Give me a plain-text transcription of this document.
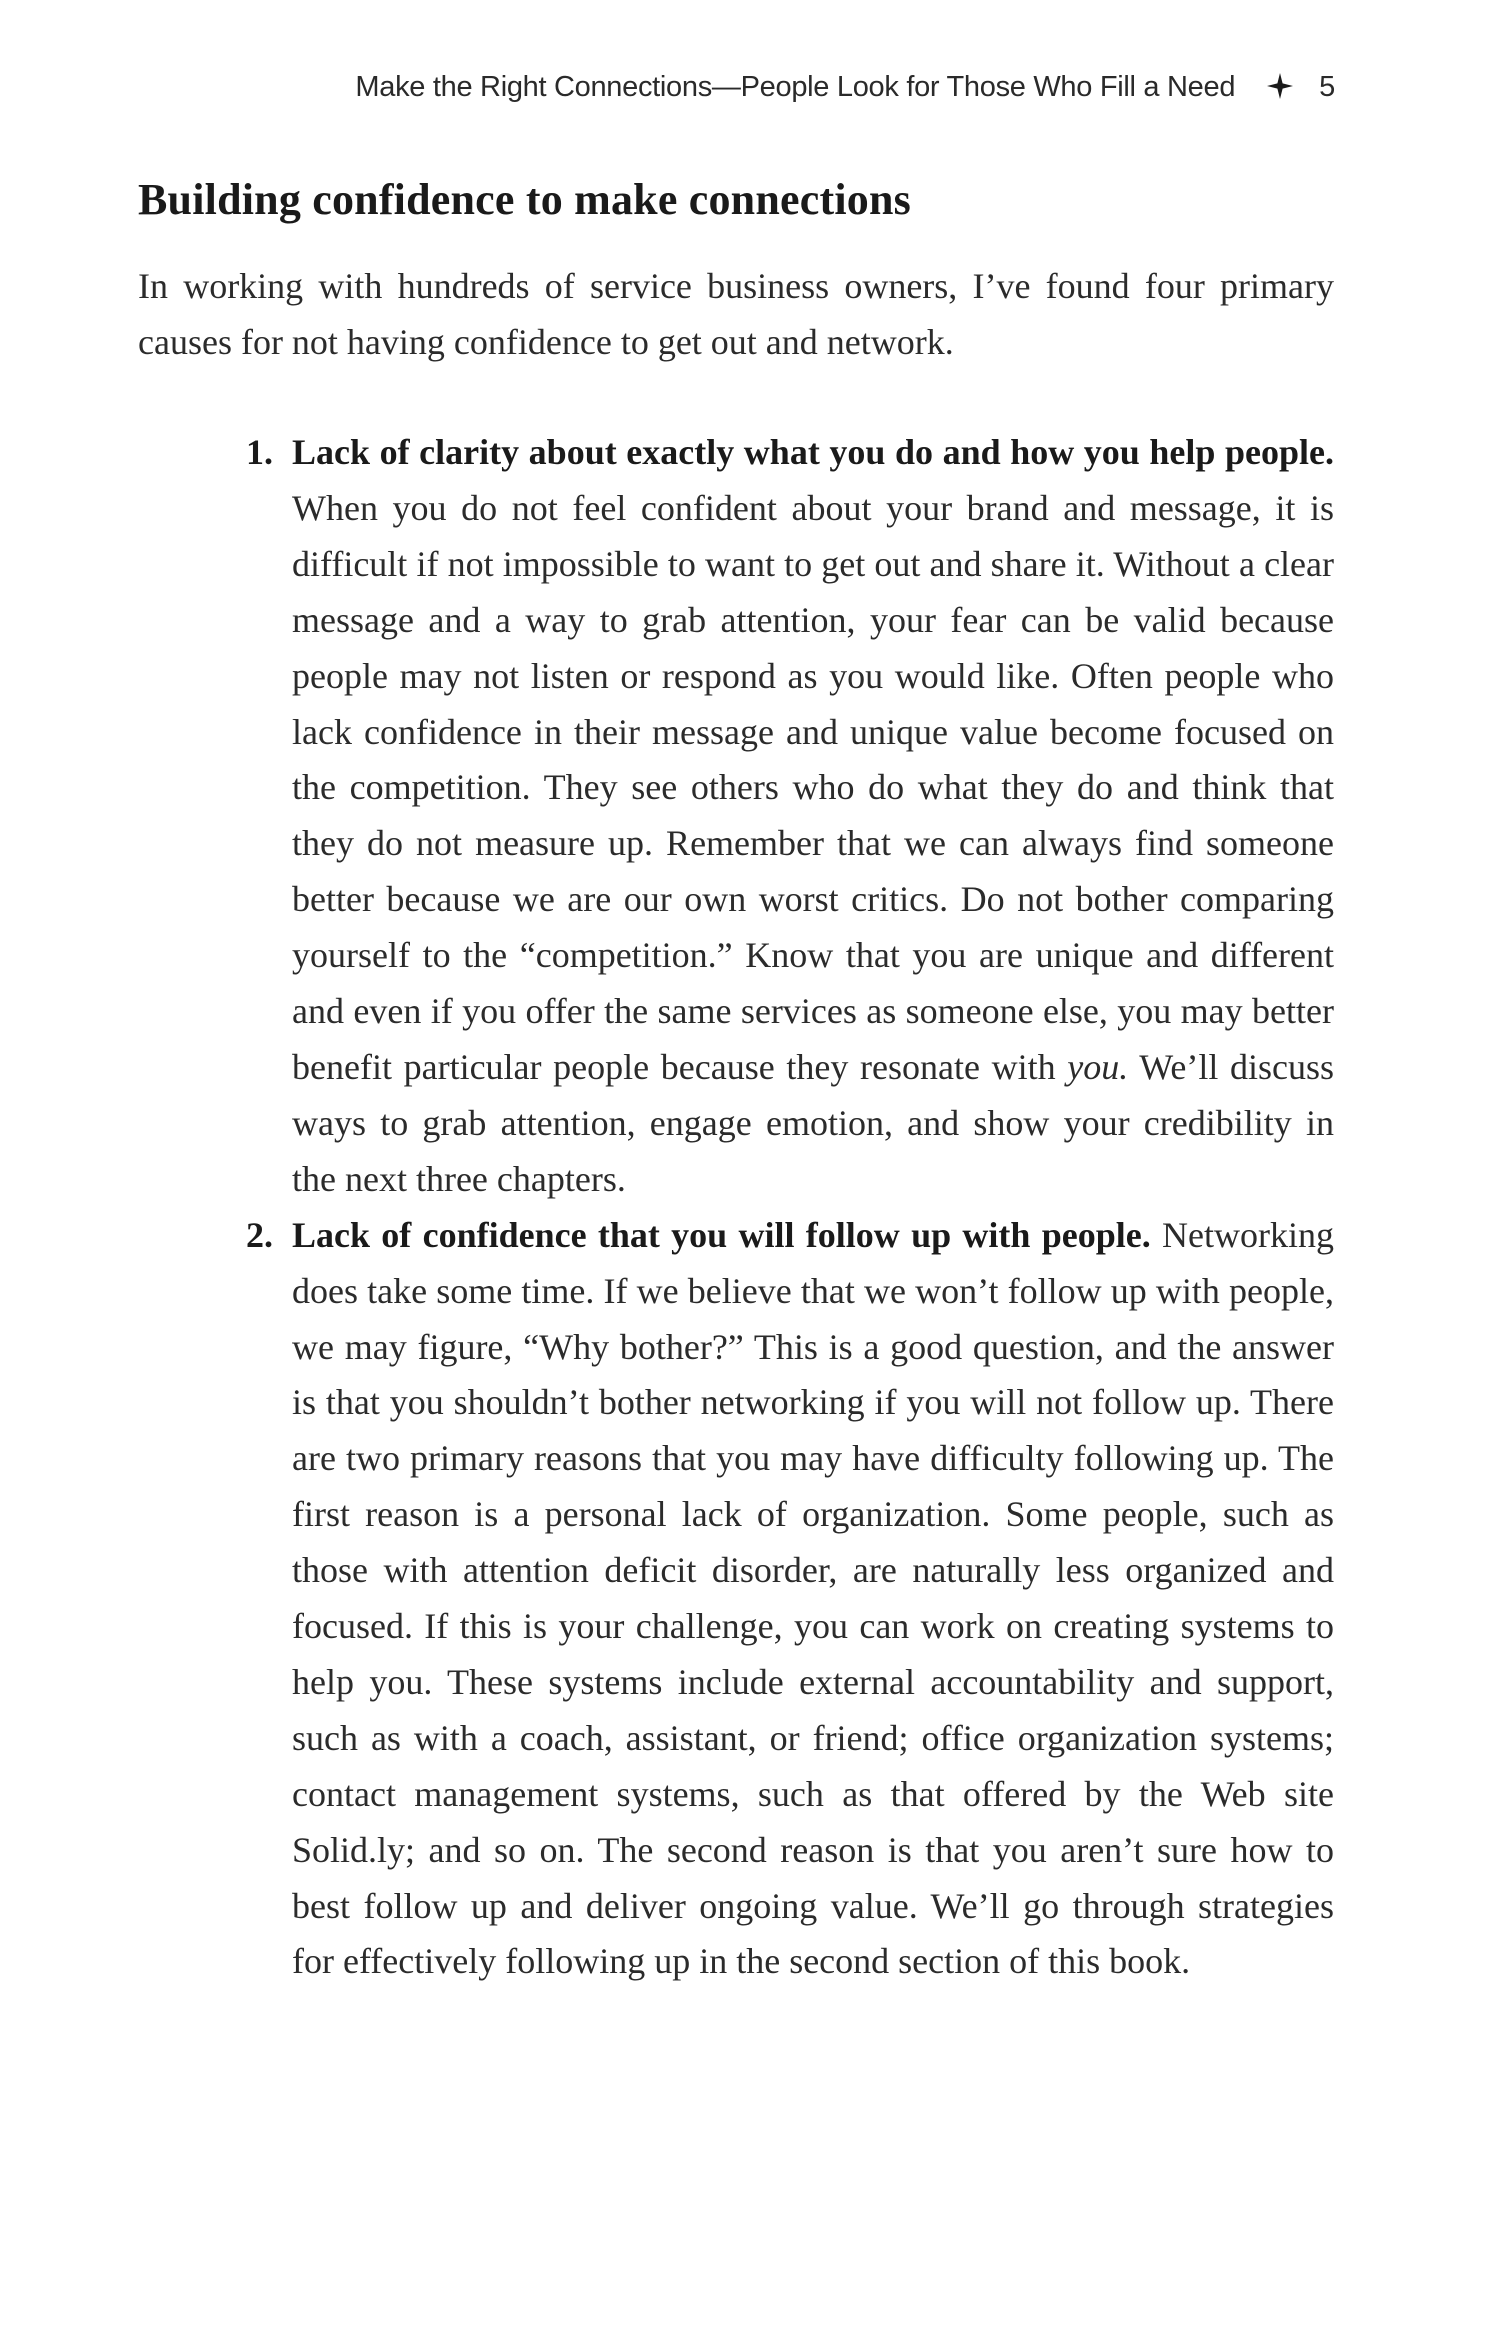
Make the Right Connections—People Look for Those Who Fill a Need	5
Building confidence to make connections

In working with hundreds of service business owners, I’ve found four primary causes for not having confidence to get out and network.

1. Lack of clarity about exactly what you do and how you help people. When you do not feel confident about your brand and message, it is difficult if not impossible to want to get out and share it. Without a clear message and a way to grab attention, your fear can be valid because people may not listen or respond as you would like. Often people who lack confidence in their message and unique value become focused on the competition. They see others who do what they do and think that they do not measure up. Remember that we can always find someone better because we are our own worst critics. Do not bother comparing yourself to the “competition.” Know that you are unique and different and even if you offer the same services as someone else, you may better benefit particular people because they resonate with you. We’ll discuss ways to grab attention, engage emotion, and show your credibility in the next three chapters.
2. Lack of confidence that you will follow up with people. Networking does take some time. If we believe that we won’t follow up with people, we may figure, “Why bother?” This is a good question, and the answer is that you shouldn’t bother networking if you will not follow up. There are two primary reasons that you may have difficulty following up. The first reason is a personal lack of organization. Some people, such as those with attention deficit disorder, are naturally less organized and focused. If this is your challenge, you can work on creating systems to help you. These systems include external accountability and support, such as with a coach, assistant, or friend; office organization systems; contact management systems, such as that offered by the Web site Solid.ly; and so on. The second reason is that you aren’t sure how to best follow up and deliver ongoing value. We’ll go through strategies for effectively following up in the second section of this book.
